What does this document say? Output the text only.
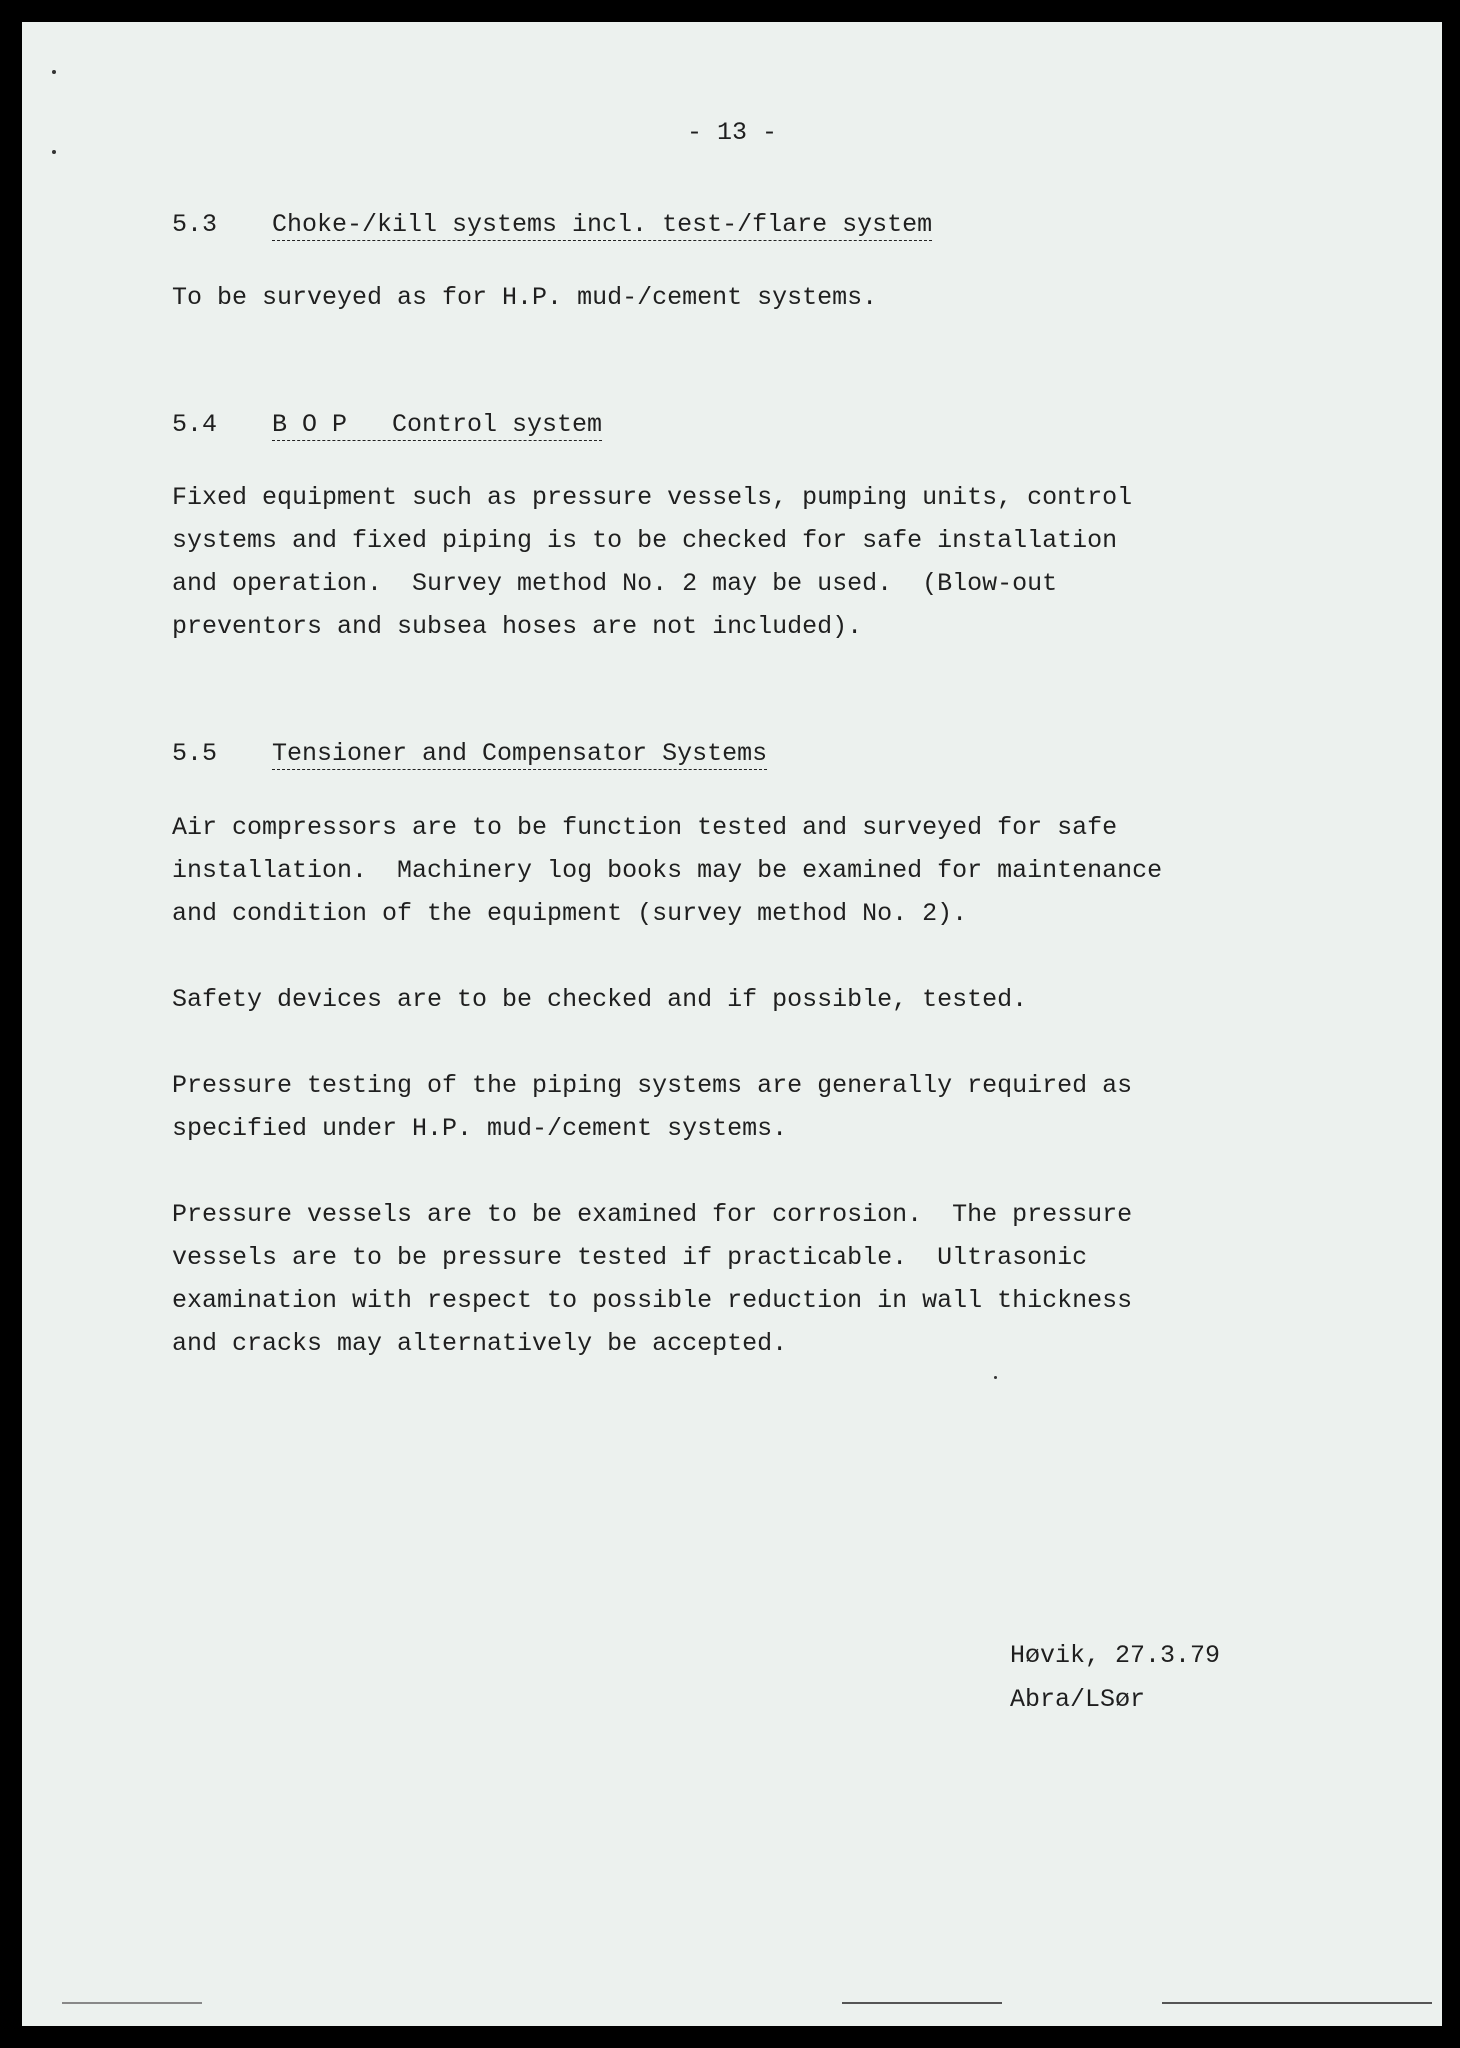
- 13 -
5.3 Choke-/kill systems incl. test-/flare system
To be surveyed as for H.P. mud-/cement systems.
5.4 B O P   Control system
Fixed equipment such as pressure vessels, pumping units, control
systems and fixed piping is to be checked for safe installation
and operation.  Survey method No. 2 may be used.  (Blow-out
preventors and subsea hoses are not included).
5.5 Tensioner and Compensator Systems
Air compressors are to be function tested and surveyed for safe
installation.  Machinery log books may be examined for maintenance
and condition of the equipment (survey method No. 2).
Safety devices are to be checked and if possible, tested.
Pressure testing of the piping systems are generally required as
specified under H.P. mud-/cement systems.
Pressure vessels are to be examined for corrosion.  The pressure
vessels are to be pressure tested if practicable.  Ultrasonic
examination with respect to possible reduction in wall thickness
and cracks may alternatively be accepted.
Høvik, 27.3.79
Abra/LSør
